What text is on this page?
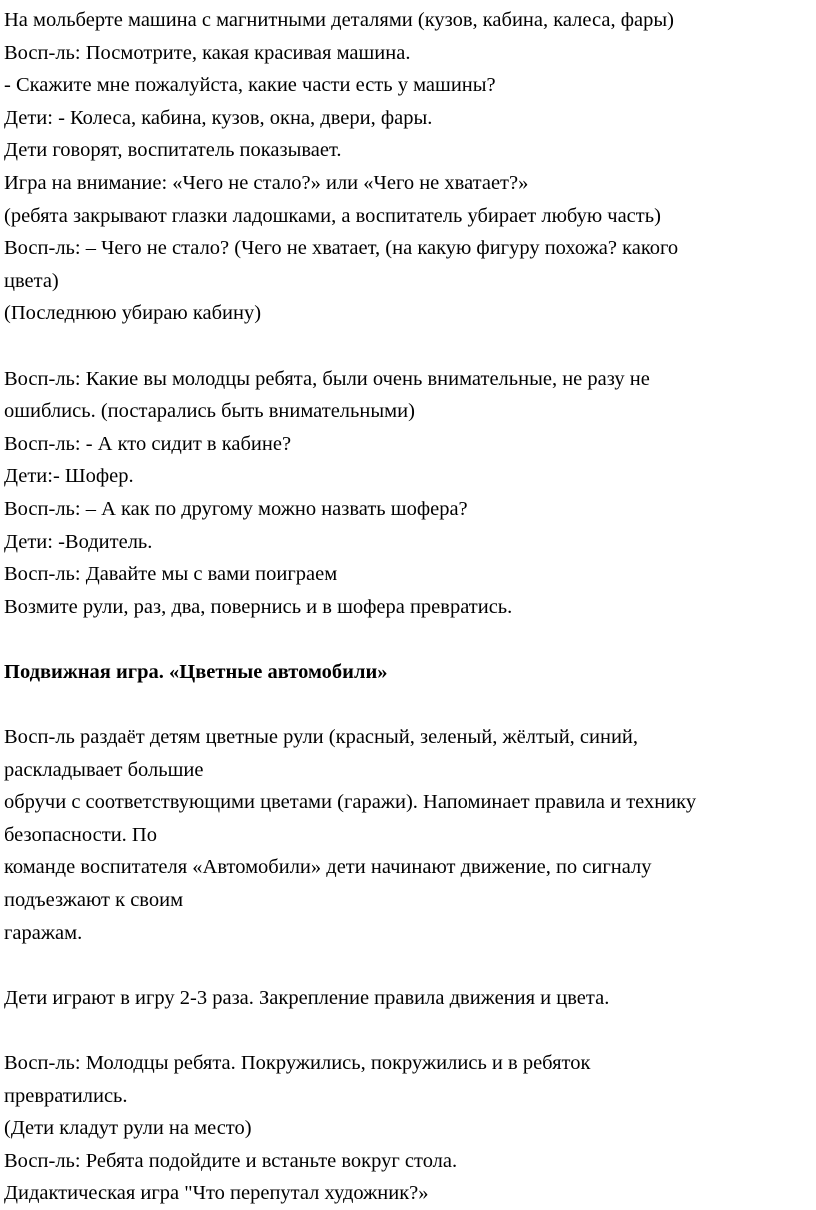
На мольберте машина с магнитными деталями (кузов, кабина, калеса, фары)
Восп-ль: Посмотрите, какая красивая машина.
- Скажите мне пожалуйста, какие части есть у машины?
Дети: - Колеса, кабина, кузов, окна, двери, фары.
Дети говорят, воспитатель показывает.
Игра на внимание: «Чего не стало?» или «Чего не хватает?»
(ребята закрывают глазки ладошками, а воспитатель убирает любую часть)
Восп-ль: – Чего не стало? (Чего не хватает, (на какую фигуру похожа? какого
цвета)
(Последнюю убираю кабину)
Восп-ль: Какие вы молодцы ребята, были очень внимательные, не разу не
ошиблись. (постарались быть внимательными)
Восп-ль: - А кто сидит в кабине?
Дети:- Шофер.
Восп-ль: – А как по другому можно назвать шофера?
Дети: -Водитель.
Восп-ль: Давайте мы с вами поиграем
Возмите рули, раз, два, повернись и в шофера превратись.
Подвижная игра. «Цветные автомобили»
Восп-ль раздаёт детям цветные рули (красный, зеленый, жёлтый, синий,
раскладывает большие
обручи с соответствующими цветами (гаражи). Напоминает правила и технику
безопасности. По
команде воспитателя «Автомобили» дети начинают движение, по сигналу
подъезжают к своим
гаражам.
Дети играют в игру 2-3 раза. Закрепление правила движения и цвета.
Восп-ль: Молодцы ребята. Покружились, покружились и в ребяток
превратились.
(Дети кладут рули на место)
Восп-ль: Ребята подойдите и встаньте вокруг стола.
Дидактическая игра "Что перепутал художник?»
